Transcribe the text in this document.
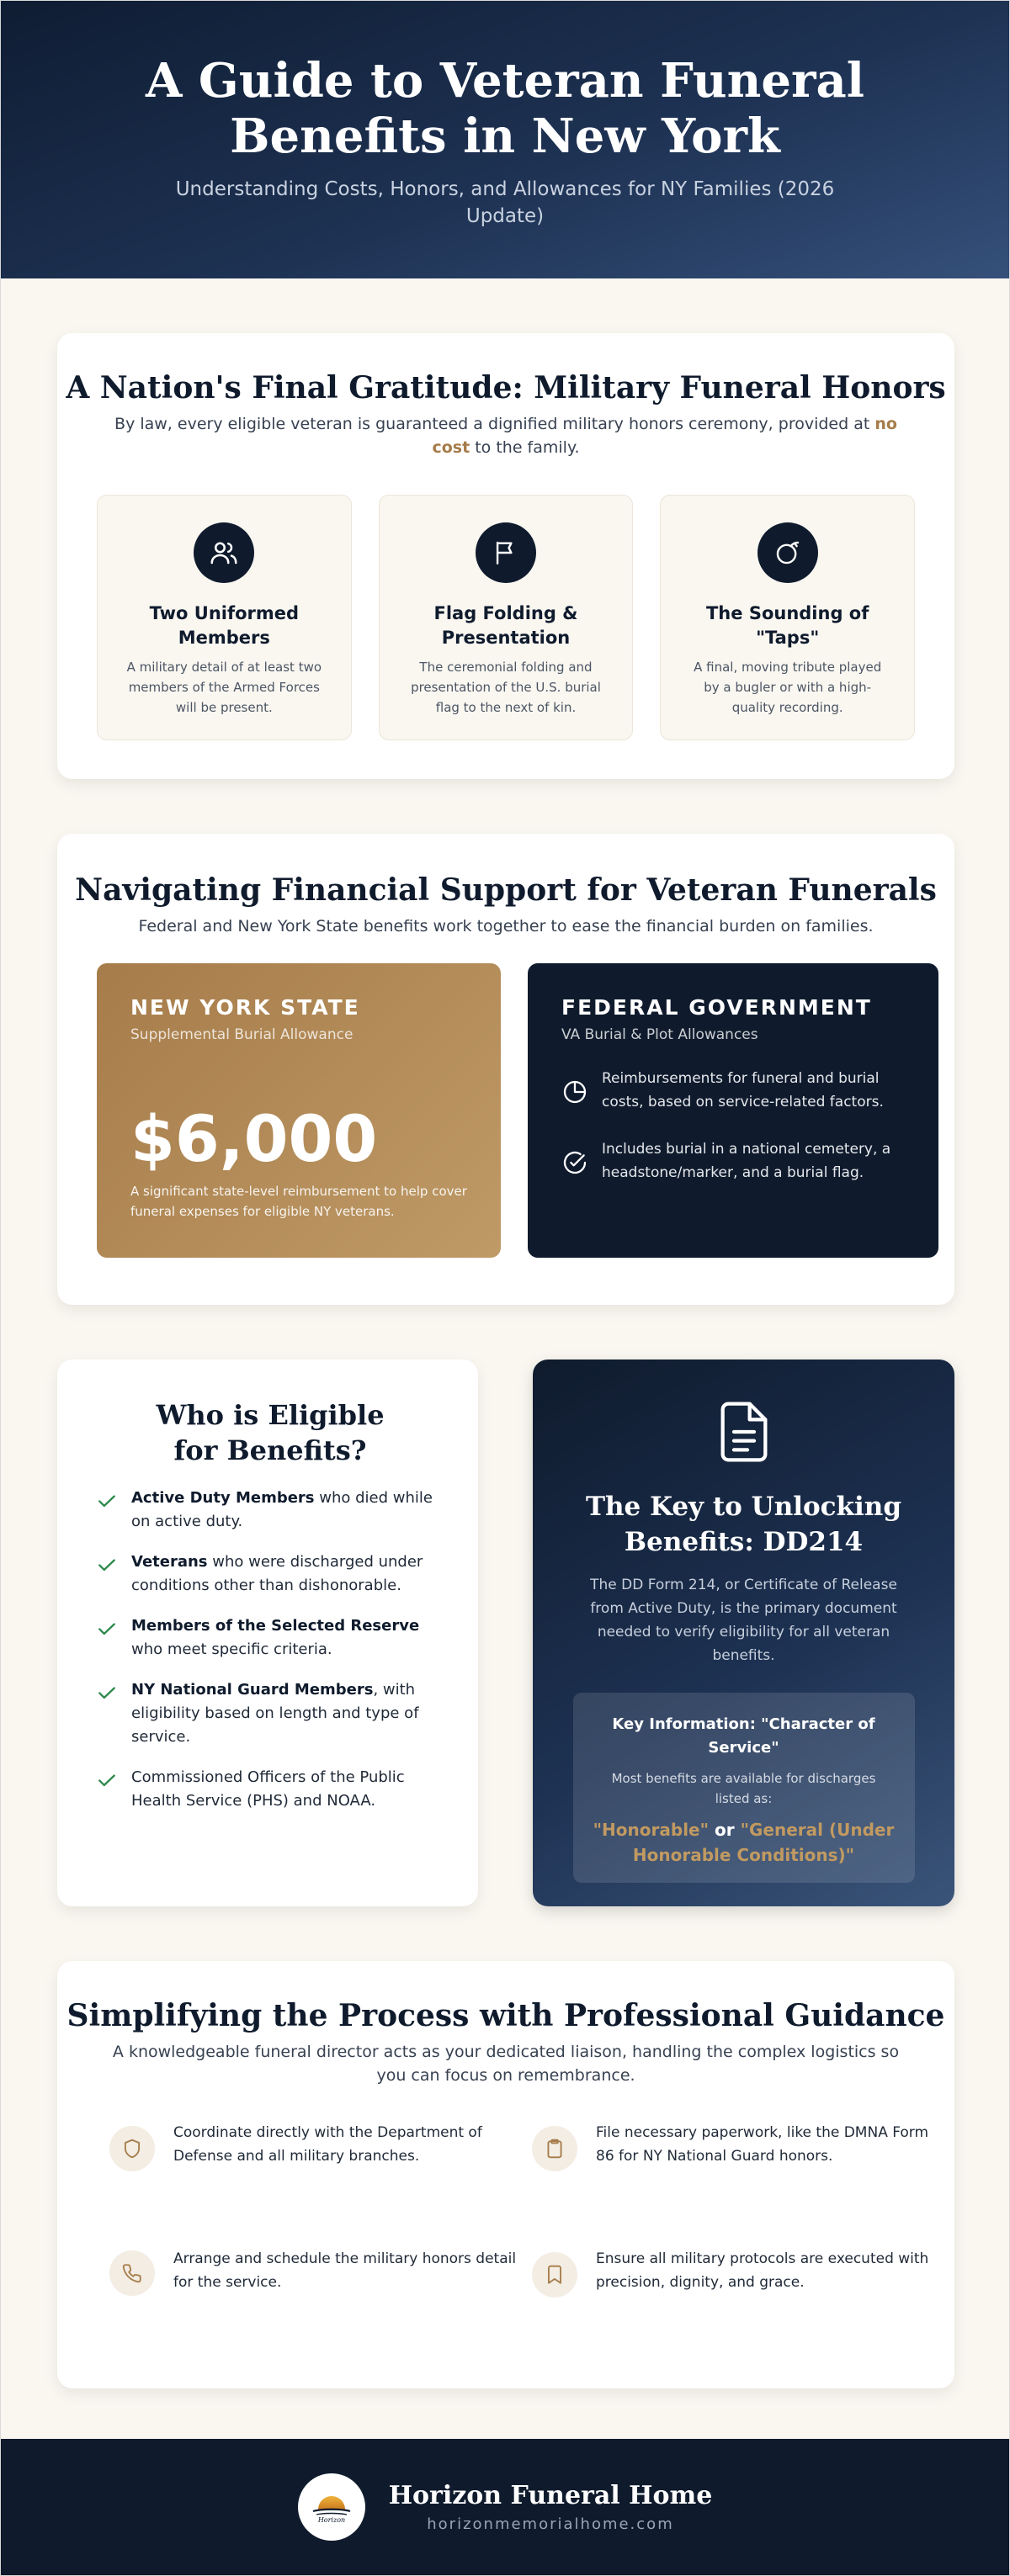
A Guide to Veteran Funeral Benefits in New York

Understanding Costs, Honors, and Allowances for NY Families (2026 Update)

A Nation's Final Gratitude: Military Funeral Honors

By law, every eligible veteran is guaranteed a dignified military honors ceremony, provided at no cost to the family.

Two Uniformed Members

A military detail of at least two members of the Armed Forces will be present.

Flag Folding & Presentation

The ceremonial folding and presentation of the U.S. burial flag to the next of kin.

The Sounding of "Taps"

A final, moving tribute played by a bugler or with a high-quality recording.

Navigating Financial Support for Veteran Funerals

Federal and New York State benefits work together to ease the financial burden on families.

NEW YORK STATE
Supplemental Burial Allowance
$6,000
A significant state-level reimbursement to help cover funeral expenses for eligible NY veterans.
FEDERAL GOVERNMENT
VA Burial & Plot Allowances
Reimbursements for funeral and burial costs, based on service-related factors.
Includes burial in a national cemetery, a headstone/marker, and a burial flag.
Who is Eligible for Benefits?
Active Duty Members who died while on active duty.
Veterans who were discharged under conditions other than dishonorable.
Members of the Selected Reserve who meet specific criteria.
NY National Guard Members, with eligibility based on length and type of service.
Commissioned Officers of the Public Health Service (PHS) and NOAA.
The Key to Unlocking Benefits: DD214

The DD Form 214, or Certificate of Release from Active Duty, is the primary document needed to verify eligibility for all veteran benefits.

Key Information: "Character of Service"

Most benefits are available for discharges listed as:

"Honorable" or "General (Under Honorable Conditions)"

Simplifying the Process with Professional Guidance

A knowledgeable funeral director acts as your dedicated liaison, handling the complex logistics so you can focus on remembrance.

Coordinate directly with the Department of Defense and all military branches.
File necessary paperwork, like the DMNA Form 86 for NY National Guard honors.
Arrange and schedule the military honors detail for the service.
Ensure all military protocols are executed with precision, dignity, and grace.
Horizon
Horizon Funeral Home
horizonmemorialhome.com
